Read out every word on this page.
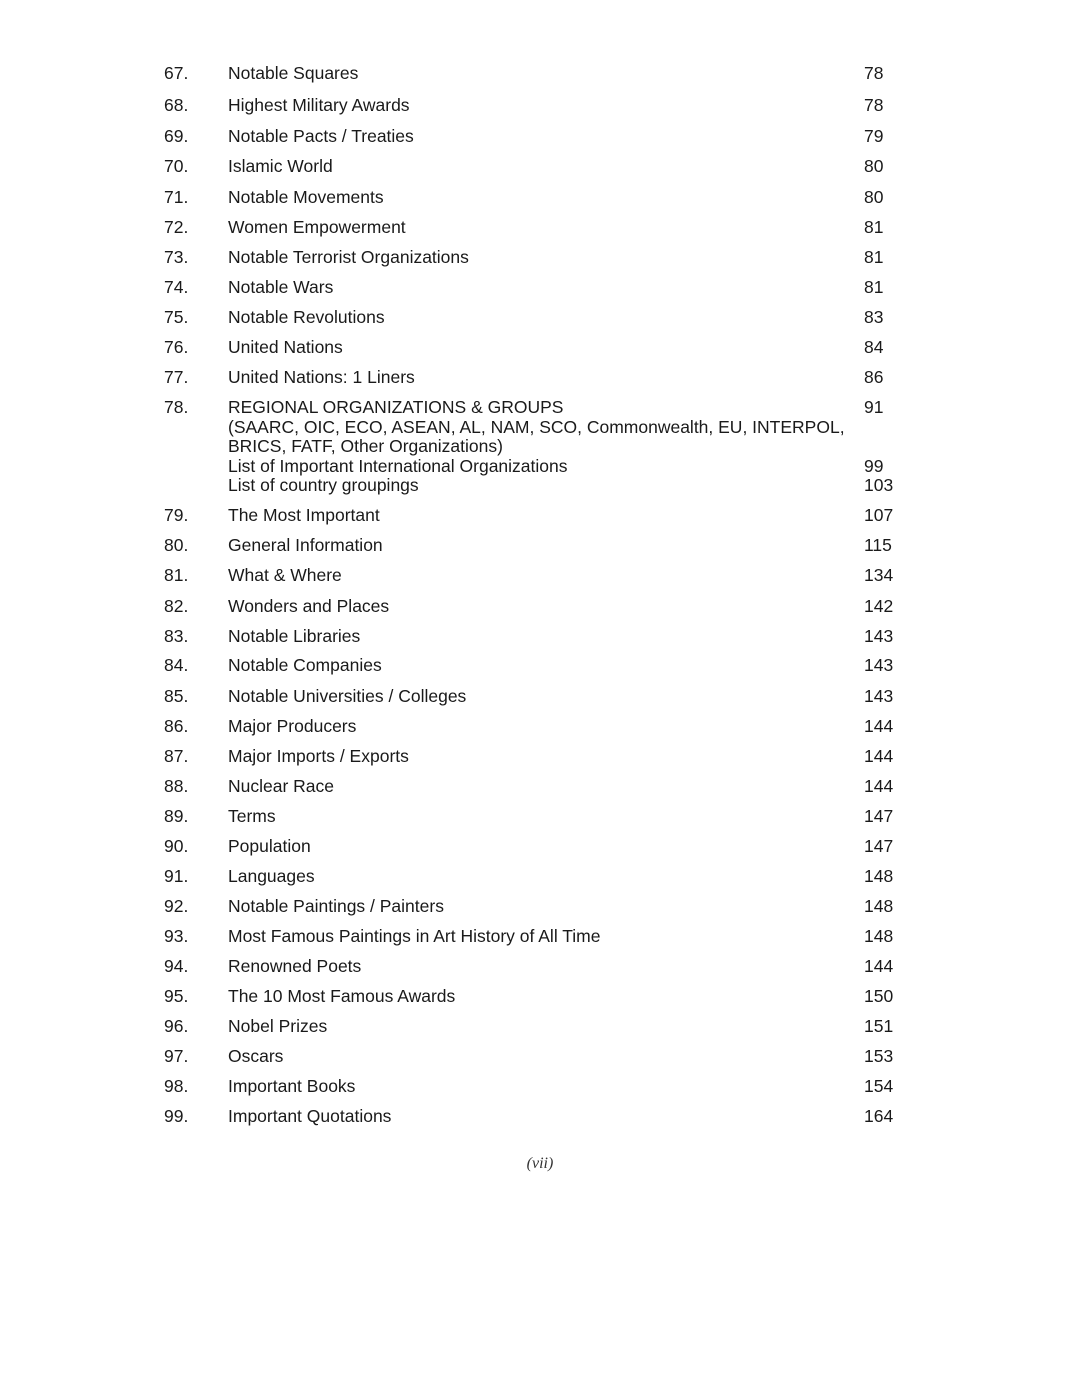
67. Notable Squares	78
68. Highest Military Awards	78
69. Notable Pacts / Treaties	79
70. Islamic World	80
71. Notable Movements	80
72. Women Empowerment	81
73. Notable Terrorist Organizations	81
74. Notable Wars	81
75. Notable Revolutions	83
76. United Nations	84
77. United Nations: 1 Liners	86
78. REGIONAL ORGANIZATIONS & GROUPS	91
(SAARC, OIC, ECO, ASEAN, AL, NAM, SCO, Commonwealth, EU, INTERPOL,
BRICS, FATF, Other Organizations)
List of Important International Organizations	99
List of country groupings	103
79. The Most Important	107
80. General Information	115
81. What & Where	134
82. Wonders and Places	142
83. Notable Libraries	143
84. Notable Companies	143
85. Notable Universities / Colleges	143
86. Major Producers	144
87. Major Imports / Exports	144
88. Nuclear Race	144
89. Terms	147
90. Population	147
91. Languages	148
92. Notable Paintings / Painters	148
93. Most Famous Paintings in Art History of All Time	148
94. Renowned Poets	144
95. The 10 Most Famous Awards	150
96. Nobel Prizes	151
97. Oscars	153
98. Important Books	154
99. Important Quotations	164
(vii)
